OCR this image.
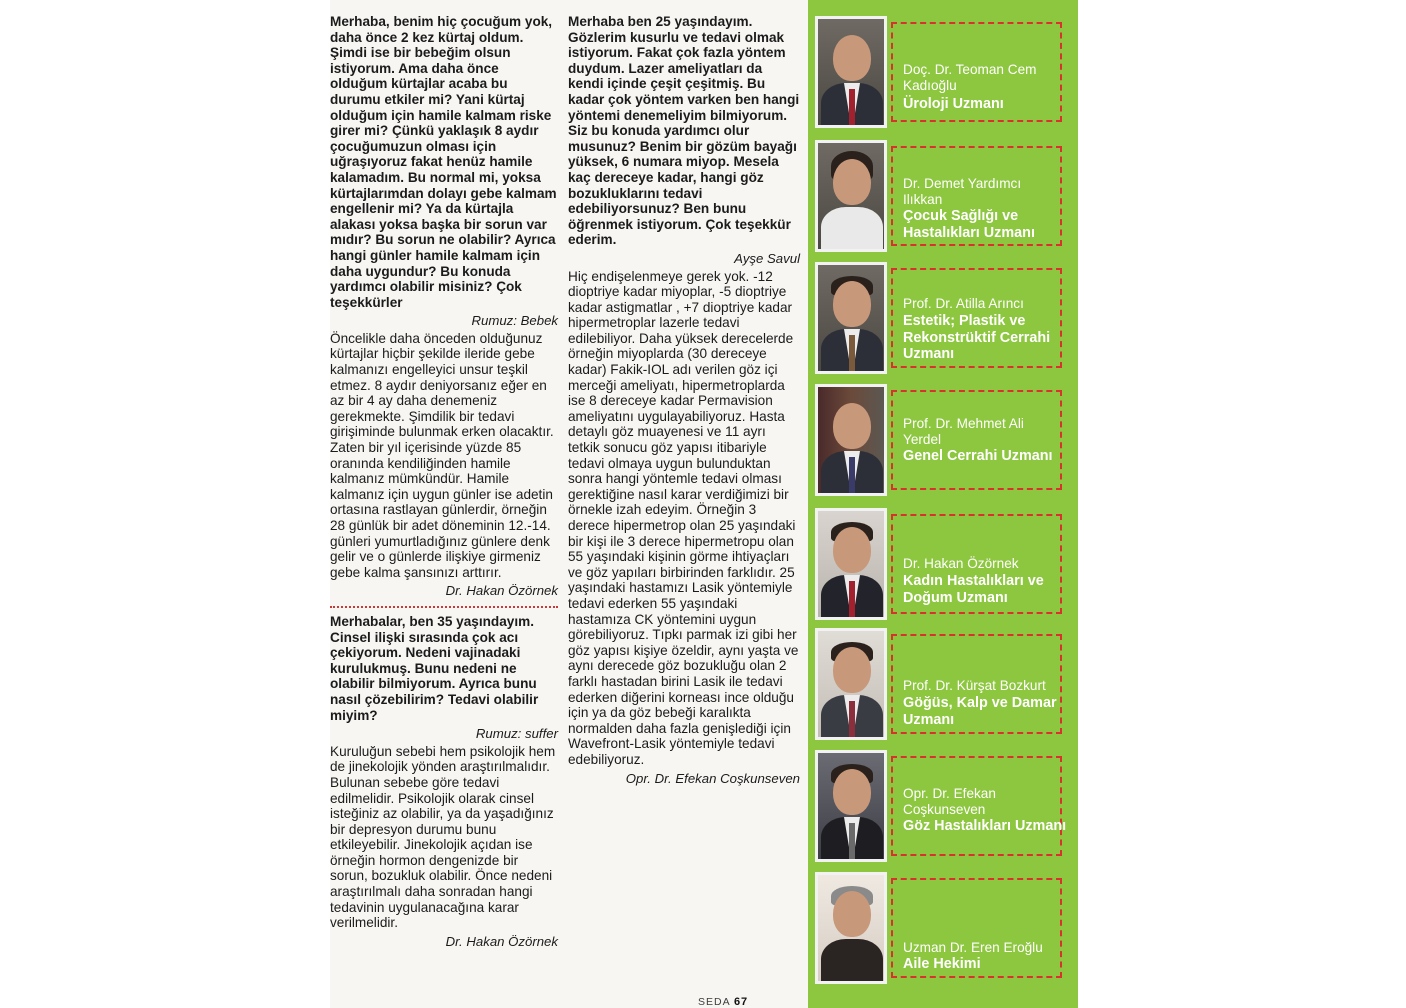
Merhaba, benim hiç çocuğum yok, daha önce 2 kez kürtaj oldum. Şimdi ise bir bebeğim olsun istiyorum. Ama daha önce olduğum kürtajlar acaba bu durumu etkiler mi? Yani kürtaj olduğum için hamile kalmam riske girer mi? Çünkü yaklaşık 8 aydır çocuğumuzun olması için uğraşıyoruz fakat henüz hamile kalamadım. Bu normal mi, yoksa kürtajlarımdan dolayı gebe kalmam engellenir mi? Ya da kürtajla alakası yoksa başka bir sorun var mıdır? Bu sorun ne olabilir? Ayrıca hangi günler hamile kalmam için daha uygundur? Bu konuda yardımcı olabilir misiniz? Çok teşekkürler

Rumuz: Bebek

Öncelikle daha önceden olduğunuz kürtajlar hiçbir şekilde ileride gebe kalmanızı engelleyici unsur teşkil etmez. 8 aydır deniyorsanız eğer en az bir 4 ay daha denemeniz gerekmekte. Şimdilik bir tedavi girişiminde bulunmak erken olacaktır. Zaten bir yıl içerisinde yüzde 85 oranında kendiliğinden hamile kalmanız mümkündür. Hamile kalmanız için uygun günler ise adetin ortasına rastlayan günlerdir, örneğin 28 günlük bir adet döneminin 12.-14. günleri yumurtladığınız günlere denk gelir ve o günlerde ilişkiye girmeniz gebe kalma şansınızı arttırır.

Dr. Hakan Özörnek

Merhabalar, ben 35 yaşındayım. Cinsel ilişki sırasında çok acı çekiyorum. Nedeni vajinadaki kurulukmuş. Bunu nedeni ne olabilir bilmiyorum. Ayrıca bunu nasıl çözebilirim? Tedavi olabilir miyim?

Rumuz: suffer

Kuruluğun sebebi hem psikolojik hem de jinekolojik yönden araştırılmalıdır. Bulunan sebebe göre tedavi edilmelidir. Psikolojik olarak cinsel isteğiniz az olabilir, ya da yaşadığınız bir depresyon durumu bunu etkileyebilir. Jinekolojik açıdan ise örneğin hormon dengenizde bir sorun, bozukluk olabilir. Önce nedeni araştırılmalı daha sonradan hangi tedavinin uygulanacağına karar verilmelidir.

Dr. Hakan Özörnek

Merhaba ben 25 yaşındayım. Gözlerim kusurlu ve tedavi olmak istiyorum. Fakat çok fazla yöntem duydum. Lazer ameliyatları da kendi içinde çeşit çeşitmiş. Bu kadar çok yöntem varken ben hangi yöntemi denemeliyim bilmiyorum. Siz bu konuda yardımcı olur musunuz? Benim bir gözüm bayağı yüksek, 6 numara miyop. Mesela kaç dereceye kadar, hangi göz bozukluklarını tedavi edebiliyorsunuz? Ben bunu öğrenmek istiyorum. Çok teşekkür ederim.

Ayşe Savul

Hiç endişelenmeye gerek yok. -12 dioptriye kadar miyoplar, -5 dioptriye kadar astigmatlar , +7 dioptriye kadar hipermetroplar lazerle tedavi edilebiliyor. Daha yüksek derecelerde örneğin miyoplarda (30 dereceye kadar) Fakik-IOL adı verilen göz içi merceği ameliyatı, hipermetroplarda ise 8 dereceye kadar Permavision ameliyatını uygulayabiliyoruz. Hasta detaylı göz muayenesi ve 11 ayrı tetkik sonucu göz yapısı itibariyle tedavi olmaya uygun bulunduktan sonra hangi yöntemle tedavi olması gerektiğine nasıl karar verdiğimizi bir örnekle izah edeyim. Örneğin 3 derece hipermetrop olan 25 yaşındaki bir kişi ile 3 derece hipermetropu olan 55 yaşındaki kişinin görme ihtiyaçları ve göz yapıları birbirinden farklıdır. 25 yaşındaki hastamızı Lasik yöntemiyle tedavi ederken 55 yaşındaki hastamıza CK yöntemini uygun görebiliyoruz. Tıpkı parmak izi gibi her göz yapısı kişiye özeldir, aynı yaşta ve aynı derecede göz bozukluğu olan 2 farklı hastadan birini Lasik ile tedavi ederken diğerini korneası ince olduğu için ya da göz bebeği karalıkta normalden daha fazla genişlediği için Wavefront-Lasik yöntemiyle tedavi edebiliyoruz.

Opr. Dr. Efekan Coşkunseven

Doç. Dr. Teoman Cem Kadıoğlu
Üroloji Uzmanı
Dr. Demet Yardımcı Ilıkkan
Çocuk Sağlığı ve Hastalıkları Uzmanı
Prof. Dr. Atilla Arıncı
Estetik; Plastik ve Rekonstrüktif Cerrahi Uzmanı
Prof. Dr. Mehmet Ali Yerdel
Genel Cerrahi Uzmanı
Dr. Hakan Özörnek
Kadın Hastalıkları ve Doğum Uzmanı
Prof. Dr. Kürşat Bozkurt
Göğüs, Kalp ve Damar Uzmanı
Opr. Dr. Efekan Coşkunseven
Göz Hastalıkları Uzmanı
Uzman Dr. Eren Eroğlu
Aile Hekimi
SEDA 67
